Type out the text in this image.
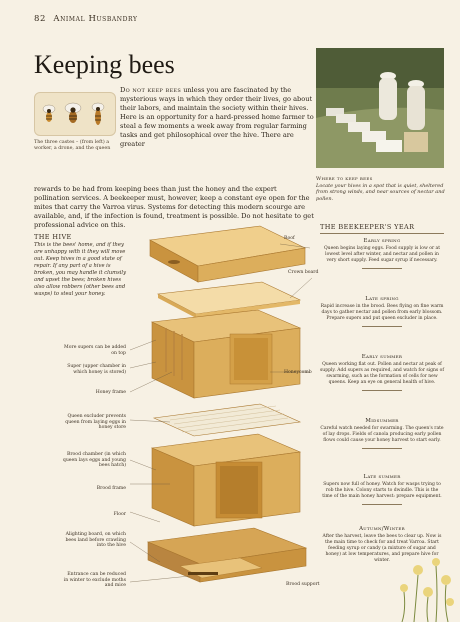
82 Animal Husbandry
Keeping bees
The three castes – (from left) a worker, a drone, and the queen
Do not keep bees unless you are fascinated by the mysterious ways in which they order their lives, go about their labors, and maintain the society within their hives. Here is an opportunity for a hard-pressed home farmer to steal a few moments a week away from regular farming tasks and get philosophical over the hive. There are greater
rewards to be had from keeping bees than just the honey and the expert pollination services. A beekeeper must, however, keep a constant eye open for the mites that carry the Varroa virus. Systems for detecting this modern scourge are available, and, if the infection is found, treatment is possible. Do not hesitate to get professional advice on this.
Where to keep bees
Locate your hives in a spot that is quiet, sheltered from strong winds, and near sources of nectar and pollen.
THE HIVE
This is the bees' home, and if they are unhappy with it they will move out. Keep hives in a good state of repair. If any part of a hive is broken, you may handle it clumsily and upset the bees; broken hives also allow robbers (other bees and wasps) to steal your honey.
More supers can be added on top
Super (upper chamber in which honey is stored)
Honey frame
Queen excluder prevents queen from laying eggs in honey store
Brood chamber (in which queen lays eggs and young bees hatch)
Brood frame
Floor
Alighting board, on which bees land before crawling into the hive
Entrance can be reduced in winter to exclude moths and mice
Roof
Crown board
Honeycomb
Brood support
THE BEEKEEPER'S YEAR
Early spring
Queen begins laying eggs. Food supply is low or at lowest level after winter, and nectar and pollen in very short supply. Feed sugar syrup if necessary.
Late spring
Rapid increase in the brood. Bees flying on fine warm days to gather nectar and pollen from early blossom. Prepare supers and put queen excluder in place.
Early summer
Queen working flat out. Pollen and nectar at peak of supply. Add supers as required, and watch for signs of swarming, such as the formation of cells for new queens. Keep an eye on general health of hive.
Midsummer
Careful watch needed for swarming. The queen's rate of lay drops. Fields of canola producing early pollen flows could cause your honey harvest to start early.
Late summer
Supers now full of honey. Watch for wasps trying to rob the hive. Colony starts to dwindle. This is the time of the main honey harvest: prepare equipment.
Autumn/Winter
After the harvest, leave the bees to clear up. Now is the main time to check for and treat Varroa. Start feeding syrup or candy (a mixture of sugar and honey) at low temperatures, and prepare hive for winter.
